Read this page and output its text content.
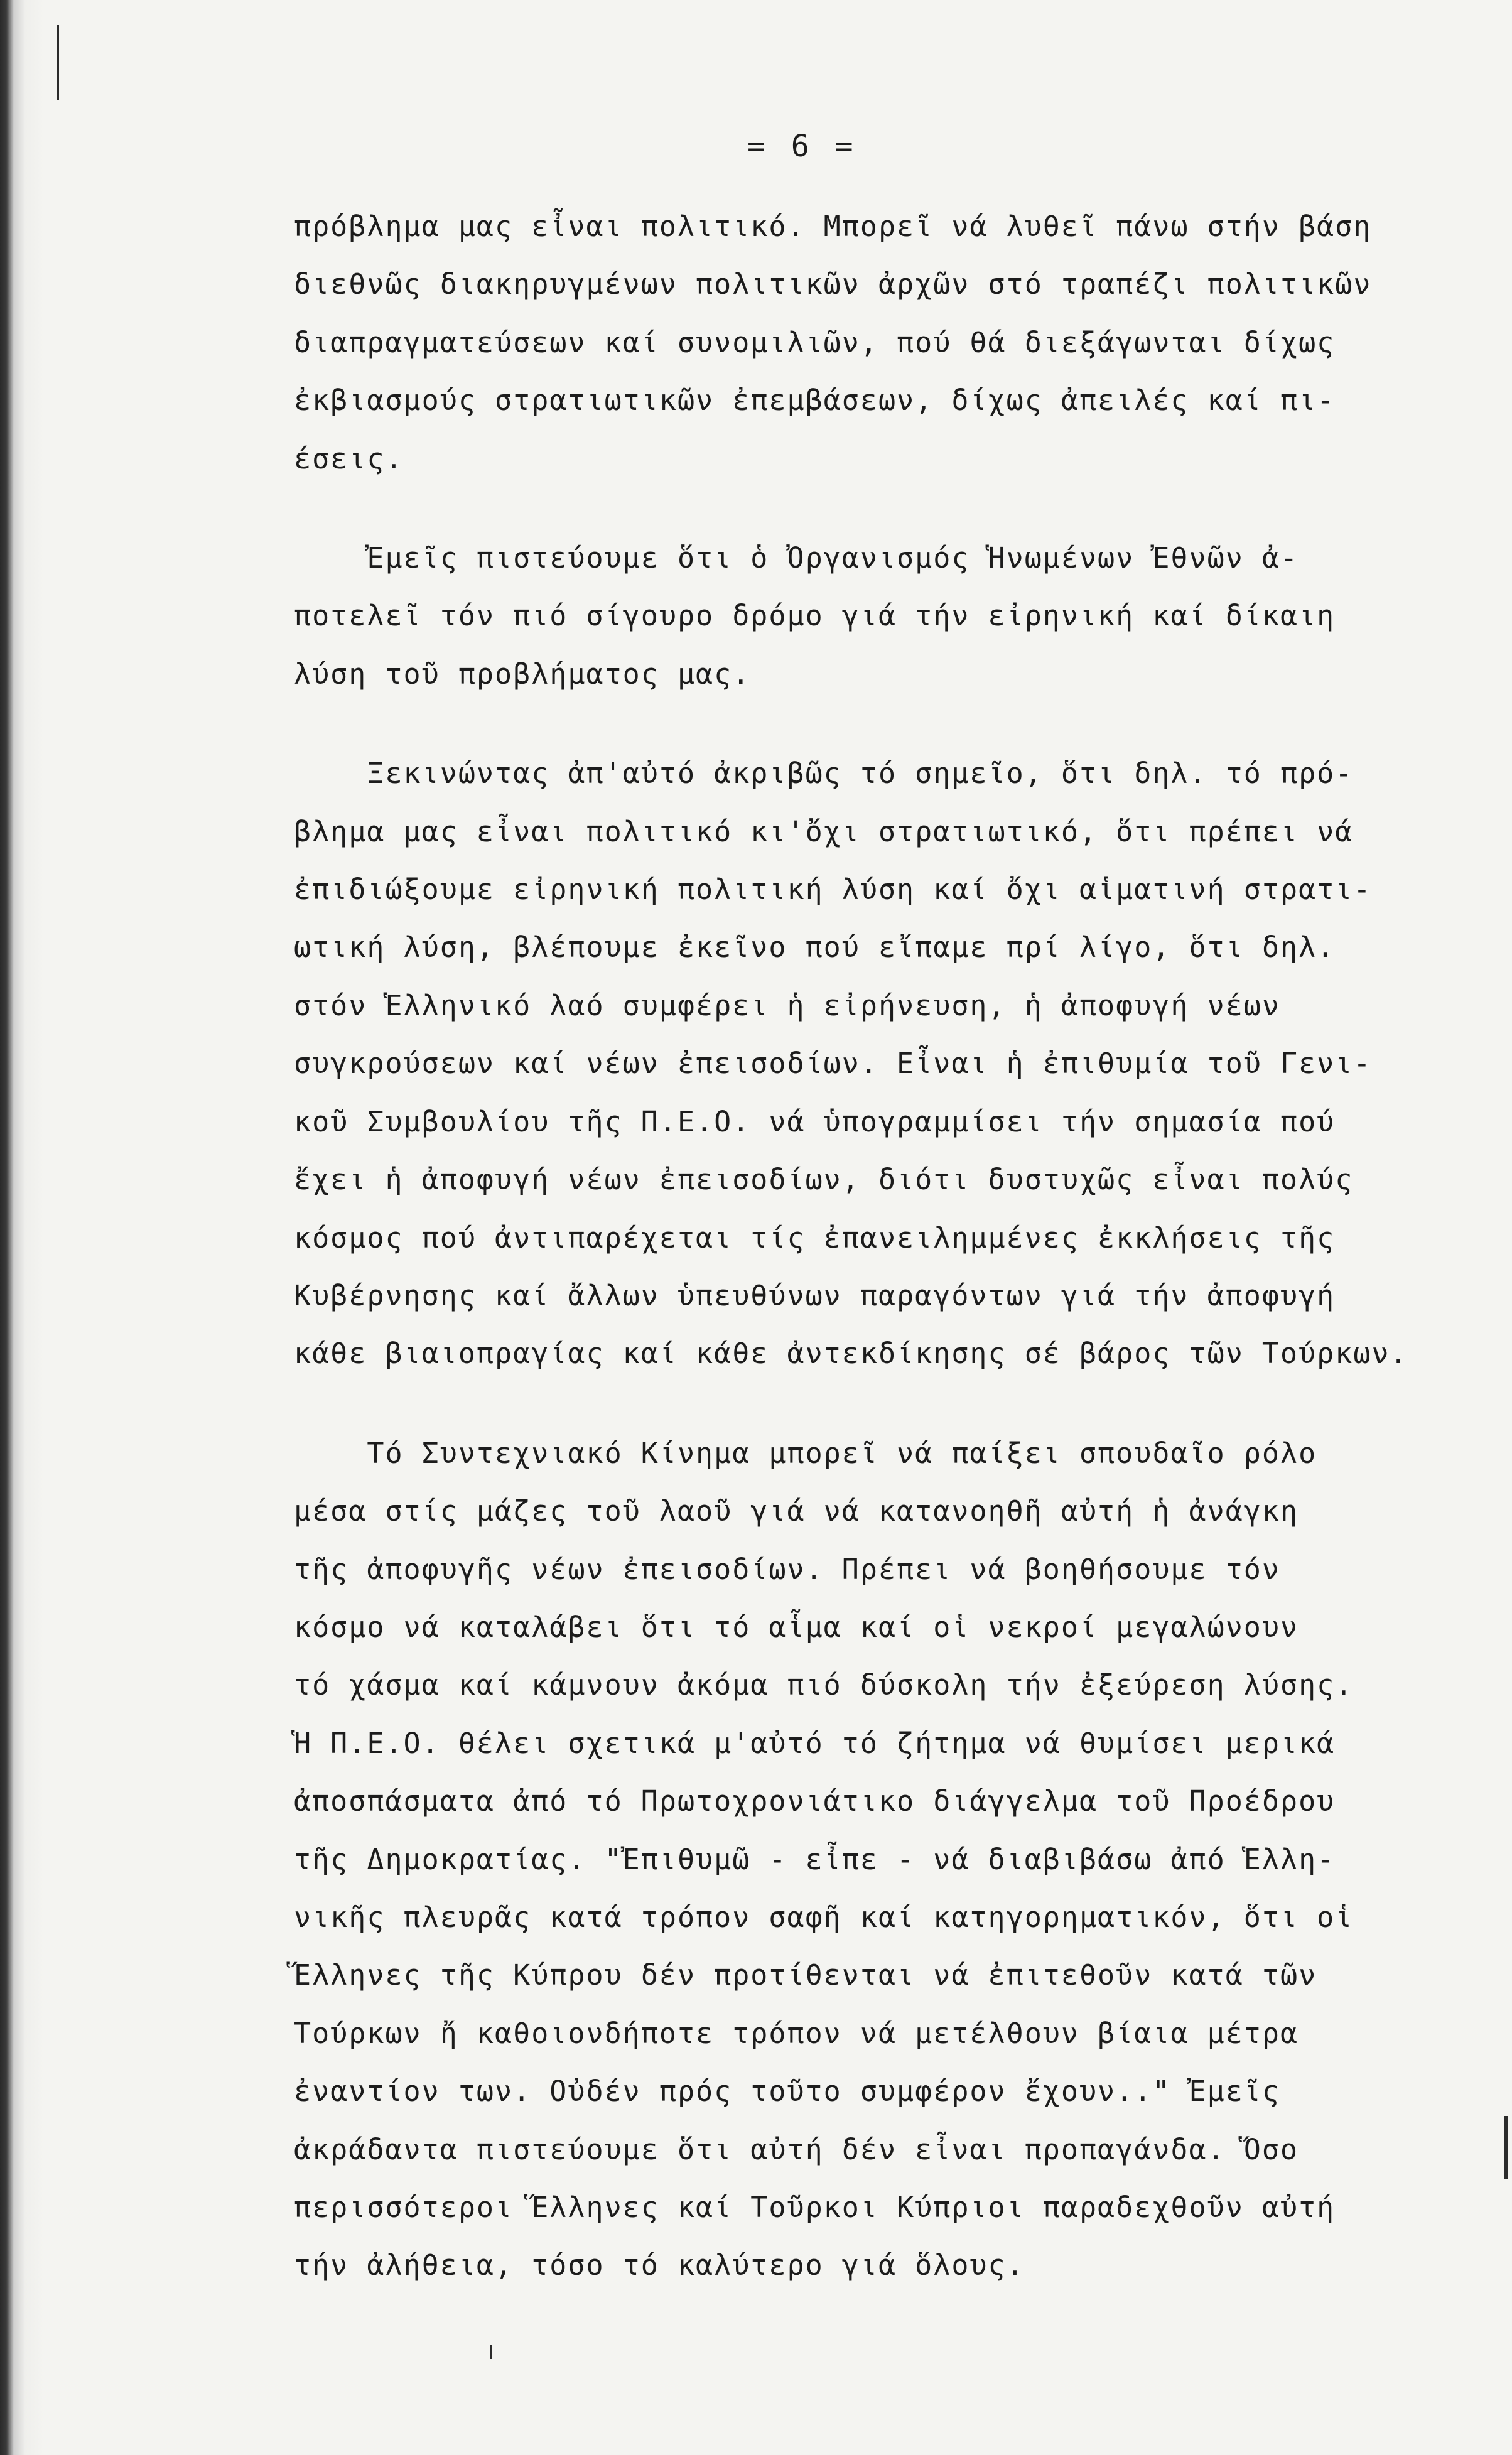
= 6 =

πρόβλημα μας εἶναι πολιτικό. Μπορεῖ νά λυθεῖ πάνω στήν βάση
διεθνῶς διακηρυγμένων πολιτικῶν ἀρχῶν στό τραπέζι πολιτικῶν
διαπραγματεύσεων καί συνομιλιῶν, πού θά διεξάγωνται δίχως
ἐκβιασμούς στρατιωτικῶν ἐπεμβάσεων, δίχως ἀπειλές καί πι-
έσεις.

Ἐμεῖς πιστεύουμε ὅτι ὁ Ὀργανισμός Ἡνωμένων Ἐθνῶν ἀ-
ποτελεῖ τόν πιό σίγουρο δρόμο γιά τήν εἰρηνική καί δίκαιη
λύση τοῦ προβλήματος μας.

Ξεκινώντας ἀπ'αὐτό ἀκριβῶς τό σημεῖο, ὅτι δηλ. τό πρό-
βλημα μας εἶναι πολιτικό κι'ὄχι στρατιωτικό, ὅτι πρέπει νά
ἐπιδιώξουμε εἰρηνική πολιτική λύση καί ὄχι αἱματινή στρατι-
ωτική λύση, βλέπουμε ἐκεῖνο πού εἴπαμε πρί λίγο, ὅτι δηλ.
στόν Ἑλληνικό λαό συμφέρει ἡ εἰρήνευση, ἡ ἀποφυγή νέων
συγκρούσεων καί νέων ἐπεισοδίων. Εἶναι ἡ ἐπιθυμία τοῦ Γενι-
κοῦ Συμβουλίου τῆς Π.Ε.Ο. νά ὑπογραμμίσει τήν σημασία πού
ἔχει ἡ ἀποφυγή νέων ἐπεισοδίων, διότι δυστυχῶς εἶναι πολύς
κόσμος πού ἀντιπαρέχεται τίς ἐπανειλημμένες ἐκκλήσεις τῆς
Κυβέρνησης καί ἄλλων ὑπευθύνων παραγόντων γιά τήν ἀποφυγή
κάθε βιαιοπραγίας καί κάθε ἀντεκδίκησης σέ βάρος τῶν Τούρκων.

Τό Συντεχνιακό Κίνημα μπορεῖ νά παίξει σπουδαῖο ρόλο
μέσα στίς μάζες τοῦ λαοῦ γιά νά κατανοηθῆ αὐτή ἡ ἀνάγκη
τῆς ἀποφυγῆς νέων ἐπεισοδίων. Πρέπει νά βοηθήσουμε τόν
κόσμο νά καταλάβει ὅτι τό αἷμα καί οἱ νεκροί μεγαλώνουν
τό χάσμα καί κάμνουν ἀκόμα πιό δύσκολη τήν ἐξεύρεση λύσης.
Ἡ Π.Ε.Ο. θέλει σχετικά μ'αὐτό τό ζήτημα νά θυμίσει μερικά
ἀποσπάσματα ἀπό τό Πρωτοχρονιάτικο διάγγελμα τοῦ Προέδρου
τῆς Δημοκρατίας. "Ἐπιθυμῶ - εἶπε - νά διαβιβάσω ἀπό Ἑλλη-
νικῆς πλευρᾶς κατά τρόπον σαφῆ καί κατηγορηματικόν, ὅτι οἱ
Ἕλληνες τῆς Κύπρου δέν προτίθενται νά ἐπιτεθοῦν κατά τῶν
Τούρκων ἤ καθοιονδήποτε τρόπον νά μετέλθουν βίαια μέτρα
ἐναντίον των. Οὐδέν πρός τοῦτο συμφέρον ἔχουν.." Ἐμεῖς
ἀκράδαντα πιστεύουμε ὅτι αὐτή δέν εἶναι προπαγάνδα. Ὅσο
περισσότεροι Ἕλληνες καί Τοῦρκοι Κύπριοι παραδεχθοῦν αὐτή
τήν ἀλήθεια, τόσο τό καλύτερο γιά ὅλους.
